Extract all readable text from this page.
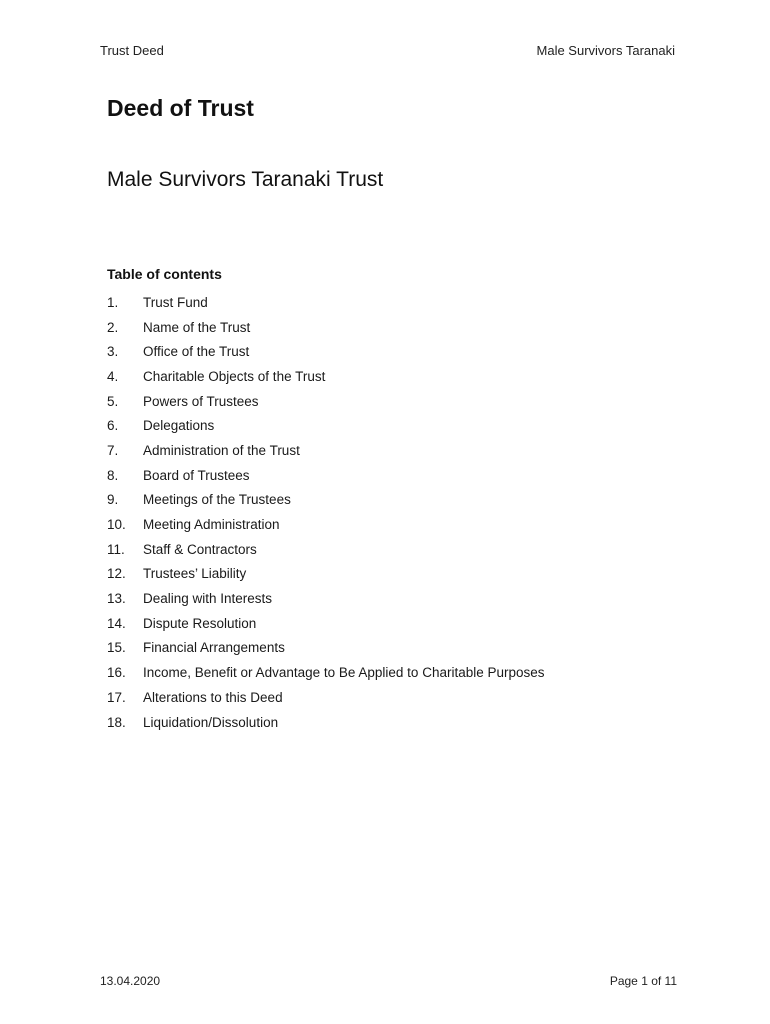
Trust Deed	Male Survivors Taranaki
Deed of Trust
Male Survivors Taranaki Trust
Table of contents
1.	Trust Fund
2.	Name of the Trust
3.	Office of the Trust
4.	Charitable Objects of the Trust
5.	Powers of Trustees
6.	Delegations
7.	Administration of the Trust
8.	Board of Trustees
9.	Meetings of the Trustees
10.	Meeting Administration
11.	Staff & Contractors
12.	Trustees’ Liability
13.	Dealing with Interests
14.	Dispute Resolution
15.	Financial Arrangements
16.	Income, Benefit or Advantage to Be Applied to Charitable Purposes
17.	Alterations to this Deed
18.	Liquidation/Dissolution
13.04.2020	Page 1 of 11
